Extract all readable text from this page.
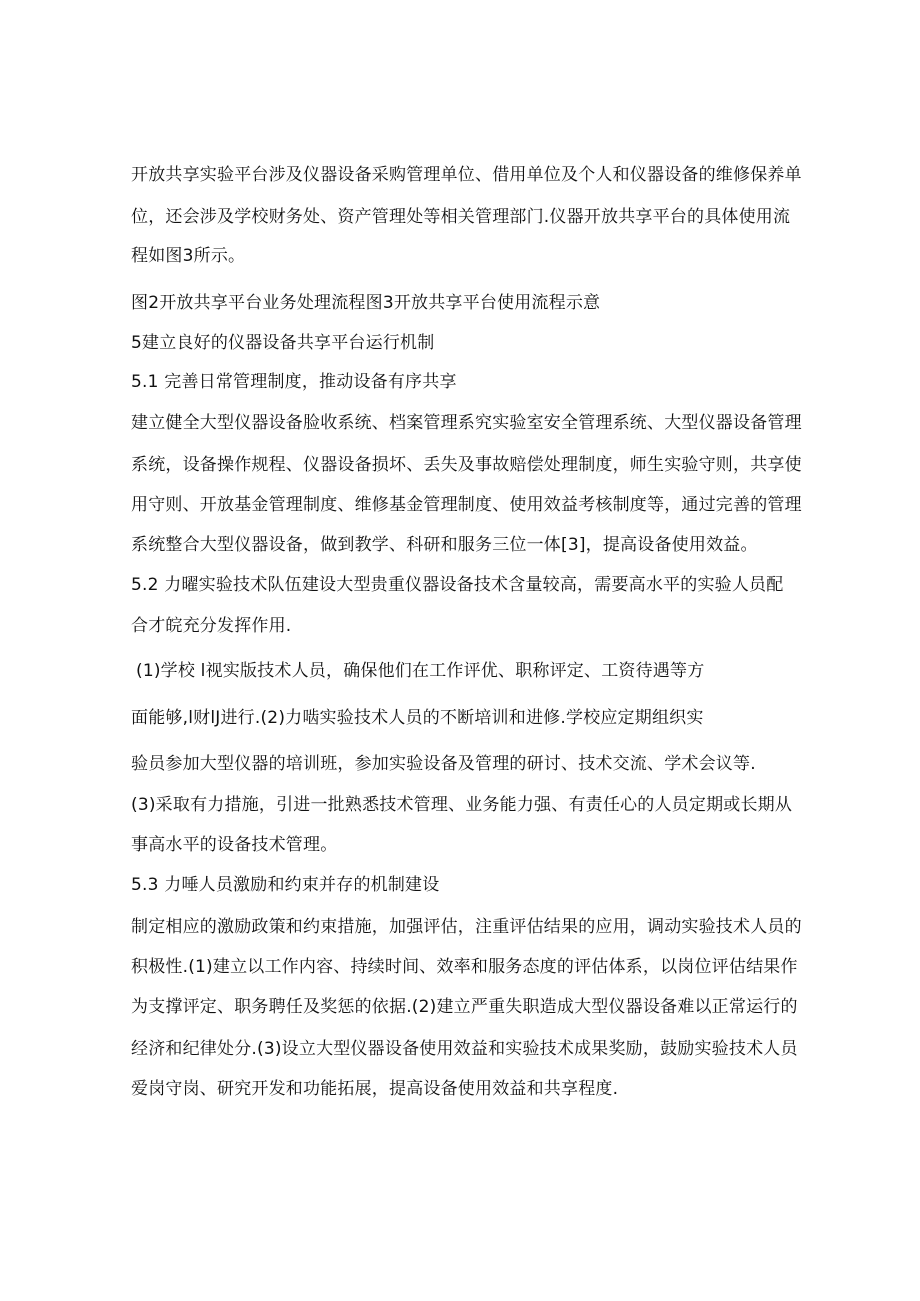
开放共享实验平台涉及仪器设备采购管理单位、借用单位及个人和仪器设备的维修保养单
位，还会涉及学校财务处、资产管理处等相关管理部门.仪器开放共享平台的具体使用流
程如图3所示。
图2开放共享平台业务处理流程图3开放共享平台使用流程示意
5建立良好的仪器设备共享平台运行机制
5.1 完善日常管理制度，推动设备有序共享
建立健全大型仪器设备脸收系统、档案管理系究实验室安全管理系统、大型仪器设备管理
系统，设备操作规程、仪器设备损坏、丢失及事故赔偿处理制度，师生实验守则，共享使
用守则、开放基金管理制度、维修基金管理制度、使用效益考核制度等，通过完善的管理
系统整合大型仪器设备，做到教学、科研和服务三位一体[3]，提高设备使用效益。
5.2 力曜实验技术队伍建设大型贵重仪器设备技术含量较高，需要高水平的实验人员配
合才皖充分发挥作用.
(1)学校 l视实版技术人员，确保他们在工作评优、职称评定、工资待遇等方
面能够,l财lJ进行.(2)力啮实验技术人员的不断培训和进修.学校应定期组织实
验员参加大型仪器的培训班，参加实验设备及管理的研讨、技术交流、学术会议等.
(3)采取有力措施，引进一批熟悉技术管理、业务能力强、有责任心的人员定期或长期从
事高水平的设备技术管理。
5.3 力唾人员激励和约束并存的机制建设
制定相应的激励政策和约束措施，加强评估，注重评估结果的应用，调动实验技术人员的
积极性.(1)建立以工作内容、持续时间、效率和服务态度的评估体系，以岗位评估结果作
为支撑评定、职务聘任及奖惩的依据.(2)建立严重失职造成大型仪器设备难以正常运行的
经济和纪律处分.(3)设立大型仪器设备使用效益和实验技术成果奖励，鼓励实验技术人员
爱岗守岗、研究开发和功能拓展，提高设备使用效益和共享程度.
